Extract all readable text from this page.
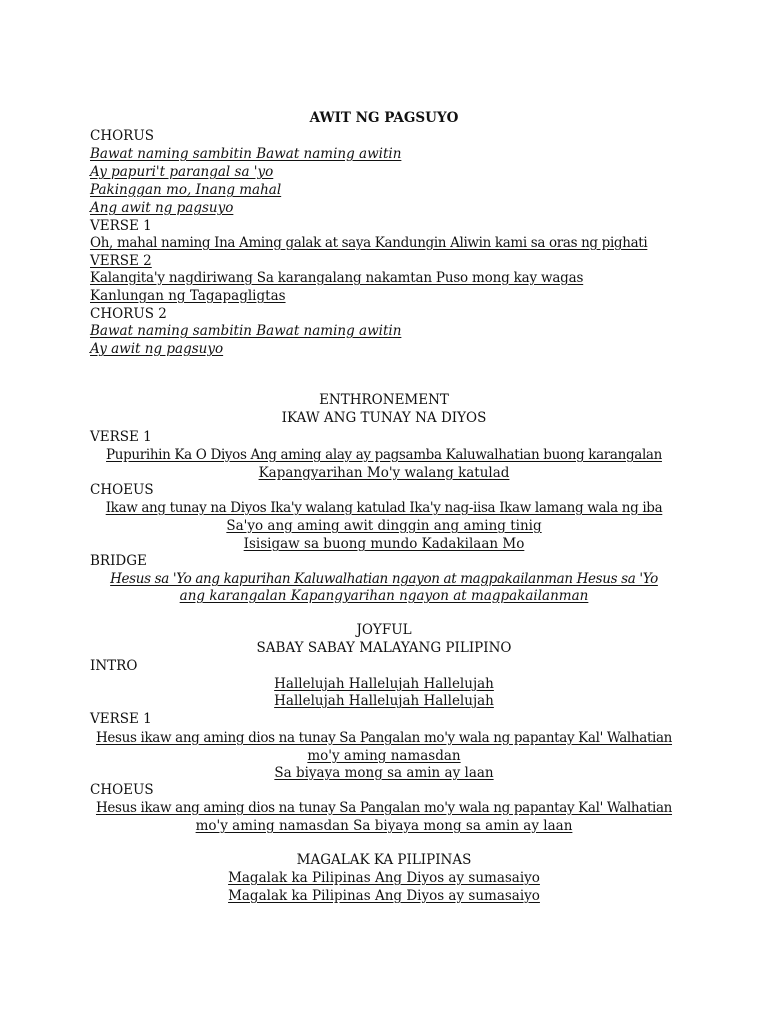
AWIT NG PAGSUYO

CHORUS

Bawat naming sambitin Bawat naming awitin

Ay papuri't parangal sa 'yo

Pakinggan mo, Inang mahal

Ang awit ng pagsuyo

VERSE 1

Oh, mahal naming Ina Aming galak at saya Kandungin Aliwin kami sa oras ng pighati

VERSE 2

Kalangita'y nagdiriwang Sa karangalang nakamtan Puso mong kay wagas

Kanlungan ng Tagapagligtas

CHORUS 2

Bawat naming sambitin Bawat naming awitin

Ay awit ng pagsuyo

ENTHRONEMENT

IKAW ANG TUNAY NA DIYOS

VERSE 1

Pupurihin Ka O Diyos Ang aming alay ay pagsamba Kaluwalhatian buong karangalan

Kapangyarihan Mo'y walang katulad

CHOEUS

Ikaw ang tunay na Diyos Ika'y walang katulad Ika'y nag-iisa Ikaw lamang wala ng iba

Sa'yo ang aming awit dinggin ang aming tinig

Isisigaw sa buong mundo Kadakilaan Mo

BRIDGE

Hesus sa 'Yo ang kapurihan Kaluwalhatian ngayon at magpakailanman Hesus sa 'Yo

ang karangalan Kapangyarihan ngayon at magpakailanman

JOYFUL

SABAY SABAY MALAYANG PILIPINO

INTRO

Hallelujah Hallelujah Hallelujah

Hallelujah Hallelujah Hallelujah

VERSE 1

Hesus ikaw ang aming dios na tunay Sa Pangalan mo'y wala ng papantay Kal' Walhatian

mo'y aming namasdan

Sa biyaya mong sa amin ay laan

CHOEUS

Hesus ikaw ang aming dios na tunay Sa Pangalan mo'y wala ng papantay Kal' Walhatian

mo'y aming namasdan Sa biyaya mong sa amin ay laan

MAGALAK KA PILIPINAS

Magalak ka Pilipinas Ang Diyos ay sumasaiyo

Magalak ka Pilipinas Ang Diyos ay sumasaiyo
